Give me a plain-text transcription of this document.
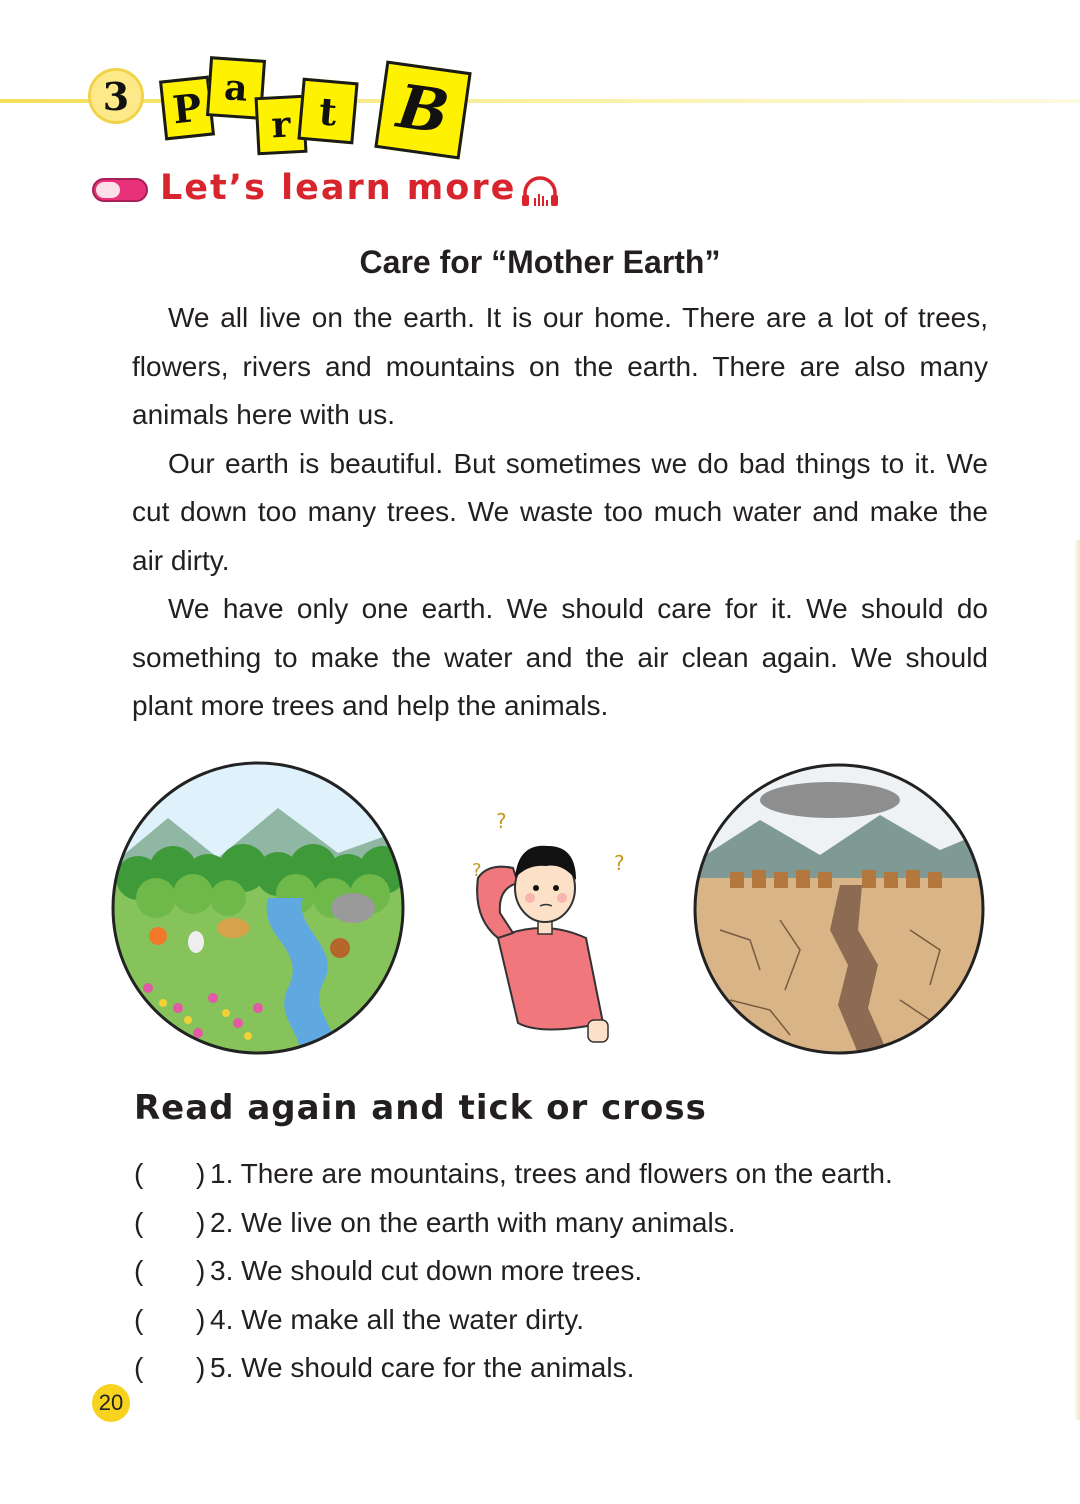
3	P a
r t B
Let’s learn more
Care for “Mother Earth”

We all live on the earth. It is our home. There are a lot of trees, flowers, rivers and mountains on the earth. There are also many animals here with us.

Our earth is beautiful. But sometimes we do bad things to it. We cut down too many trees. We waste too much water and make the air dirty.

We have only one earth. We should care for it. We should do something to make the water and the air clean again. We should plant more trees and help the animals.

?
?	?
Read again and tick or cross
( ) 1. There are mountains, trees and flowers on the earth.
( ) 2. We live on the earth with many animals.
( ) 3. We should cut down more trees.
( ) 4. We make all the water dirty.
( ) 5. We should care for the animals.
20
